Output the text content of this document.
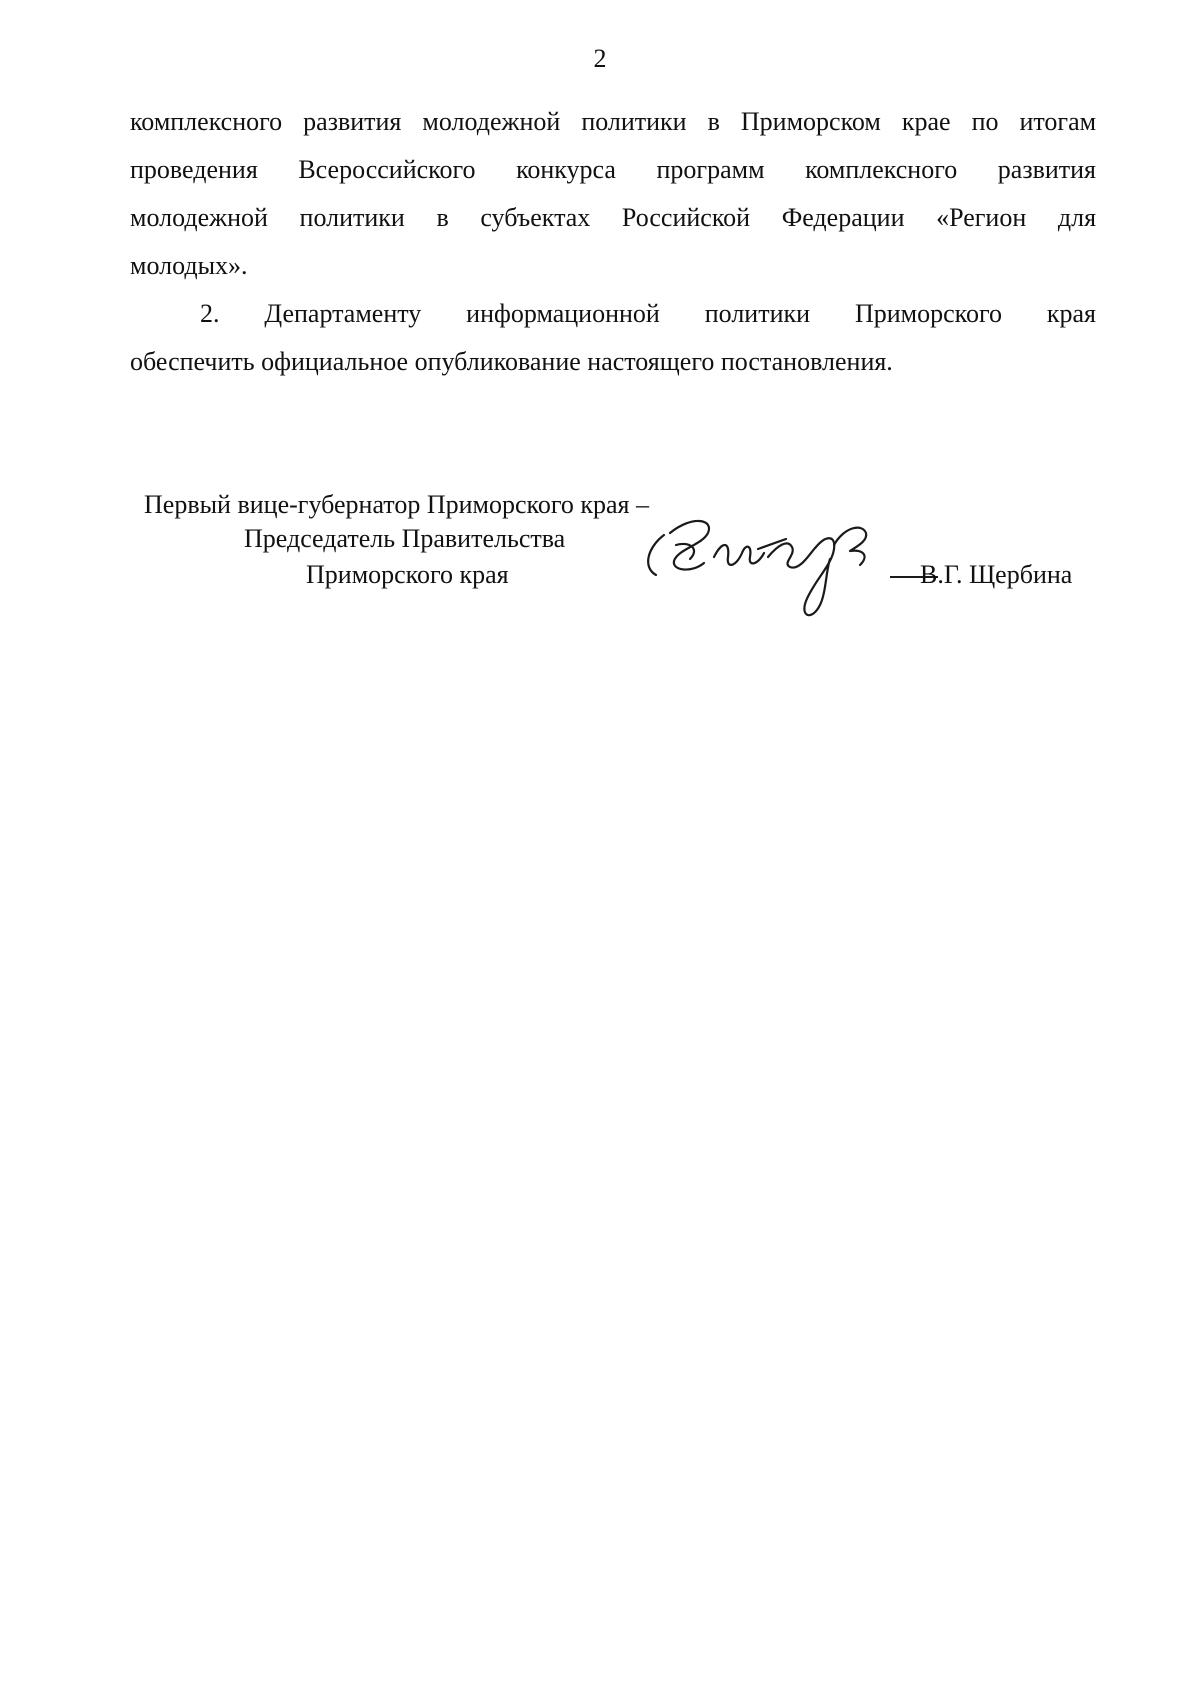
2
комплексного развития молодежной политики в Приморском крае по итогам
проведения Всероссийского конкурса программ комплексного развития
молодежной политики в субъектах Российской Федерации «Регион для
молодых».
2. Департаменту информационной политики Приморского края
обеспечить официальное опубликование настоящего постановления.
Первый вице-губернатор Приморского края –
Председатель Правительства
Приморского края	В.Г. Щербина
